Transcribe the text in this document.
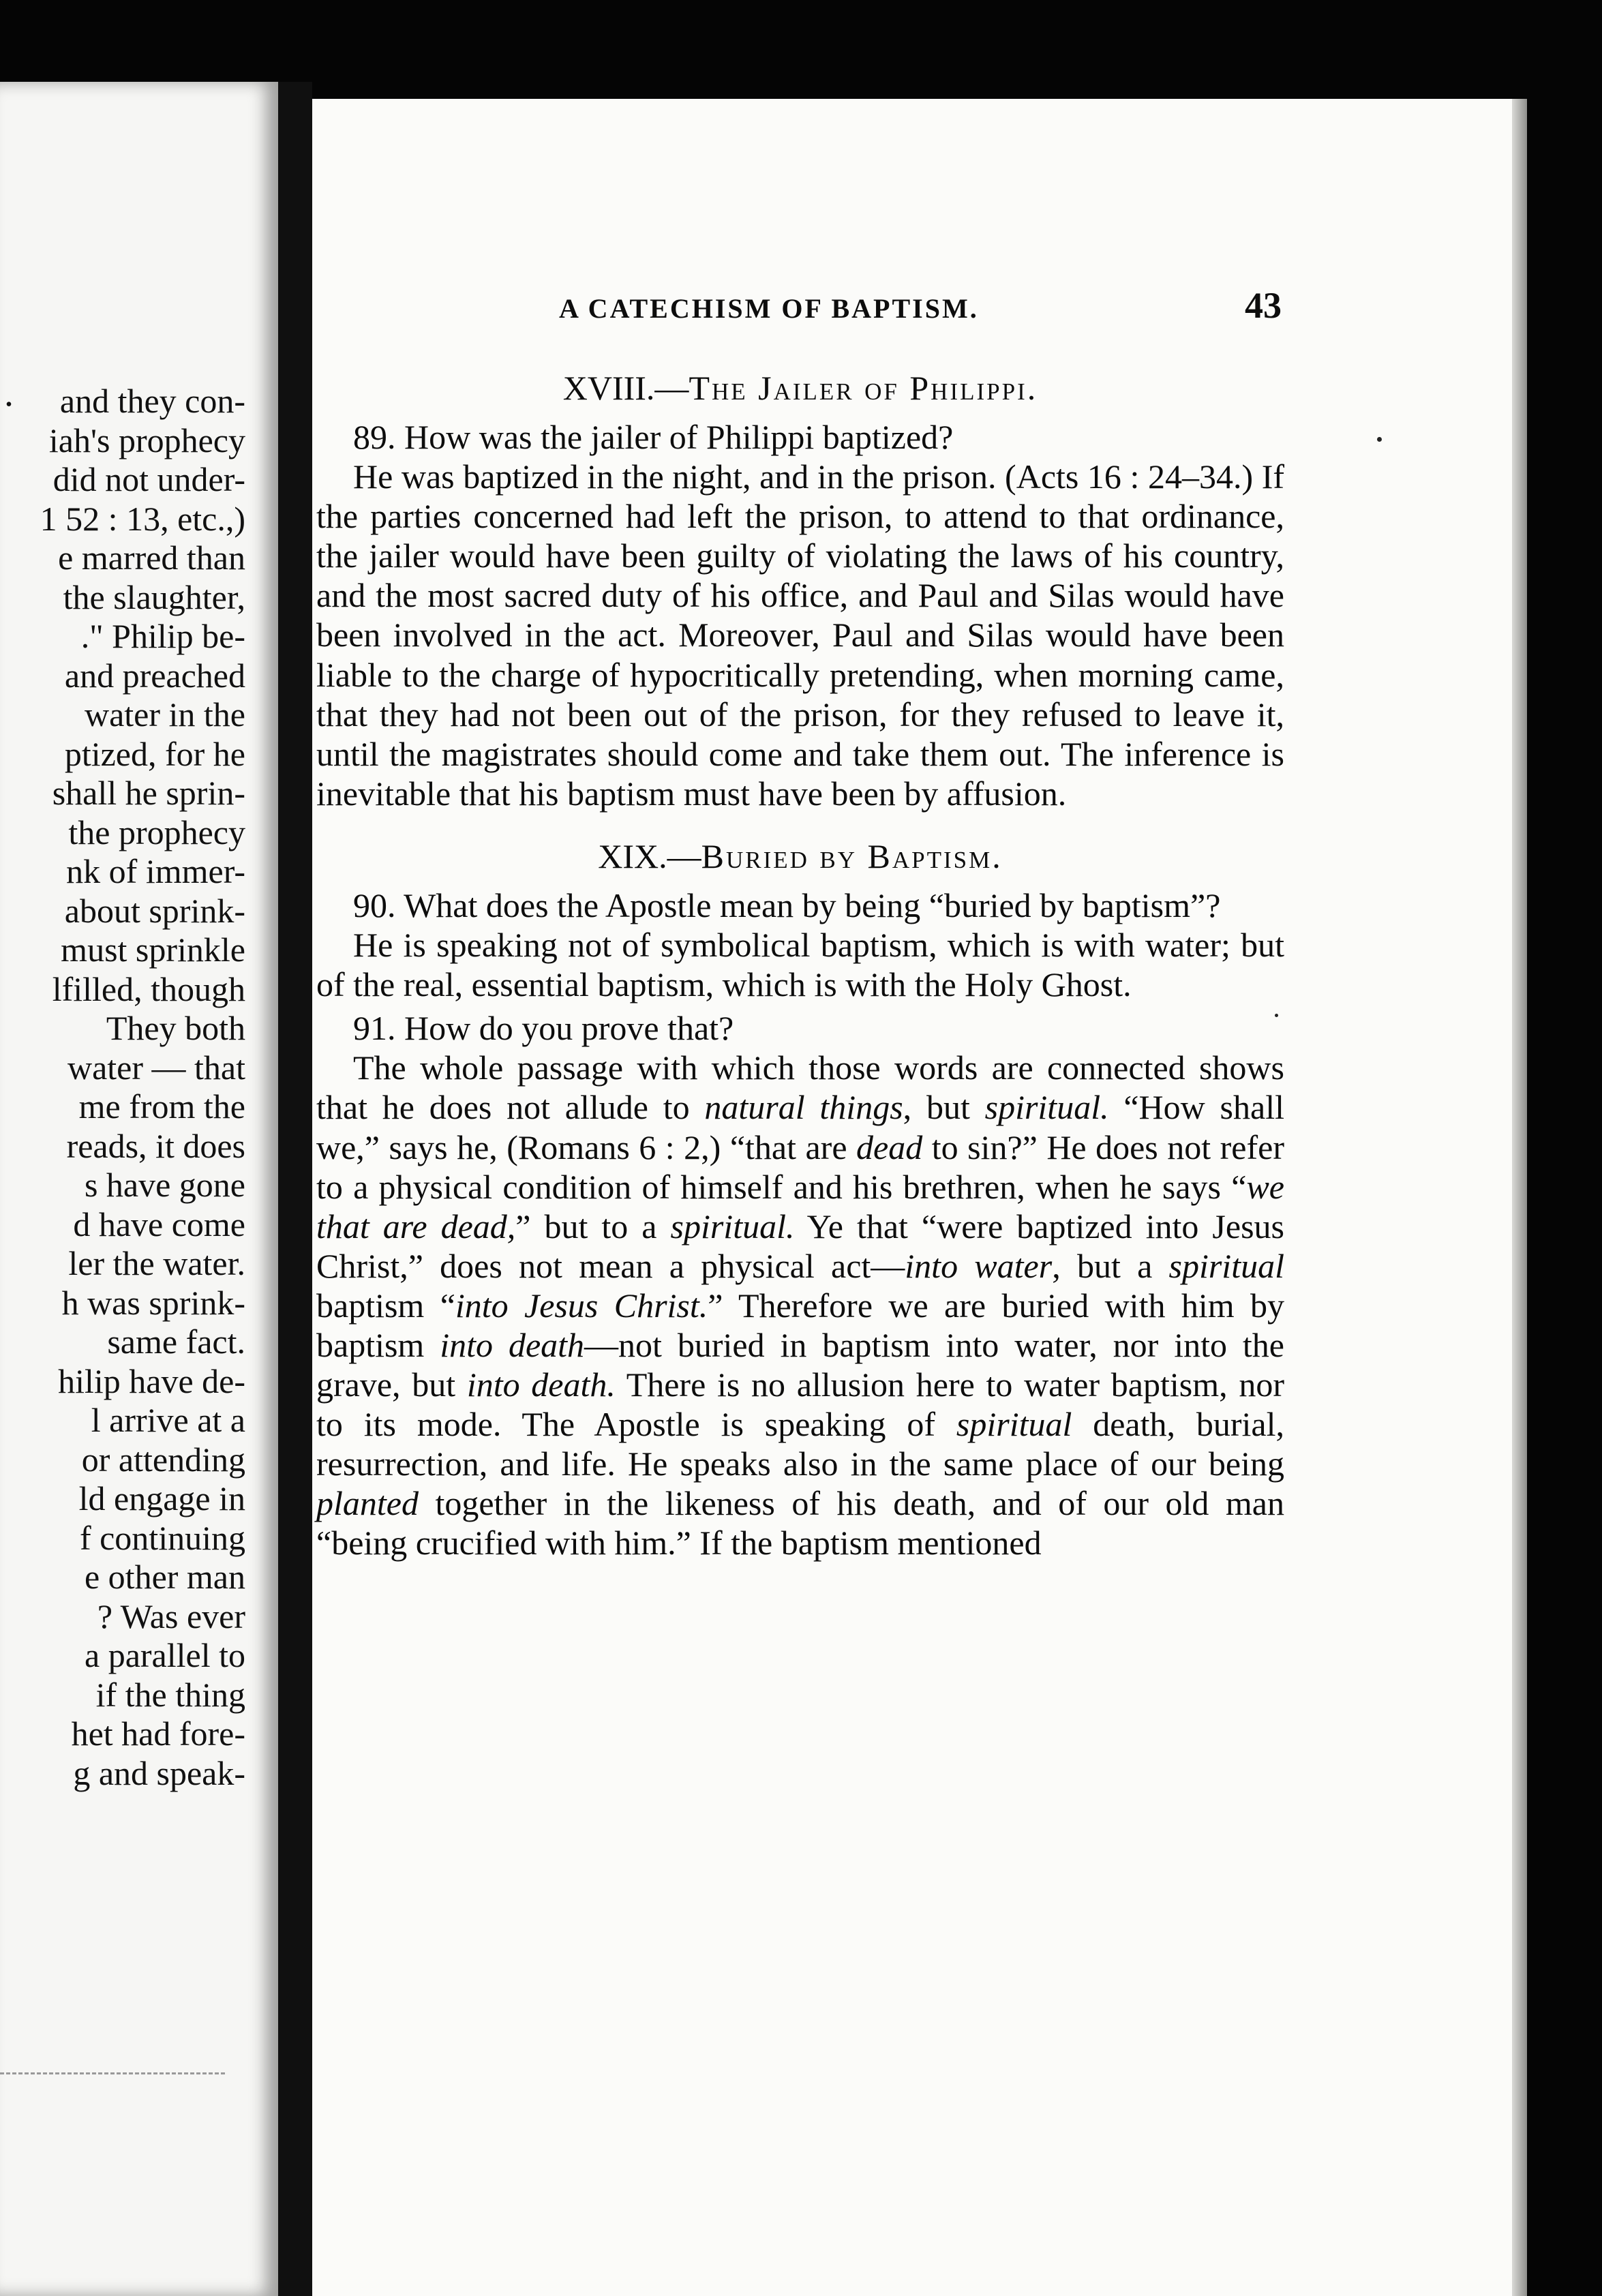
.	and they con-
iah's prophecy
did not under-
1 52 : 13, etc.,)
e marred than
the slaughter,
." Philip be-
and preached
water in the
ptized, for he
shall he sprin-
the prophecy
nk of immer-
about sprink-
must sprinkle
lfilled, though
They both
water — that
me from the
reads, it does
s have gone
d have come
ler the water.
h was sprink-
same fact.
hilip have de-
l arrive at a
or attending
ld engage in
f continuing
e other man
? Was ever
a parallel to
if the thing
het had fore-
g and speak-
A CATECHISM OF BAPTISM.	43
XVIII.—The Jailer of Philippi.

89. How was the jailer of Philippi baptized?

He was baptized in the night, and in the prison. (Acts 16 : 24–34.) If the parties concerned had left the prison, to attend to that ordinance, the jailer would have been guilty of violating the laws of his country, and the most sacred duty of his office, and Paul and Silas would have been involved in the act. Moreover, Paul and Silas would have been liable to the charge of hypocritically pretending, when morning came, that they had not been out of the prison, for they refused to leave it, until the magistrates should come and take them out. The inference is inevitable that his baptism must have been by affusion.

XIX.—Buried by Baptism.

90. What does the Apostle mean by being “buried by baptism”?

He is speaking not of symbolical baptism, which is with water; but of the real, essential baptism, which is with the Holy Ghost.

91. How do you prove that?

The whole passage with which those words are connected shows that he does not allude to natural things, but spiritual. “How shall we,” says he, (Romans 6 : 2,) “that are dead to sin?” He does not refer to a physical condition of himself and his brethren, when he says “we that are dead,” but to a spiritual. Ye that “were baptized into Jesus Christ,” does not mean a physical act—into water, but a spiritual baptism “into Jesus Christ.” Therefore we are buried with him by baptism into death—not buried in baptism into water, nor into the grave, but into death. There is no allusion here to water baptism, nor to its mode. The Apostle is speaking of spiritual death, burial, resurrection, and life. He speaks also in the same place of our being planted together in the likeness of his death, and of our old man “being crucified with him.” If the baptism mentioned
